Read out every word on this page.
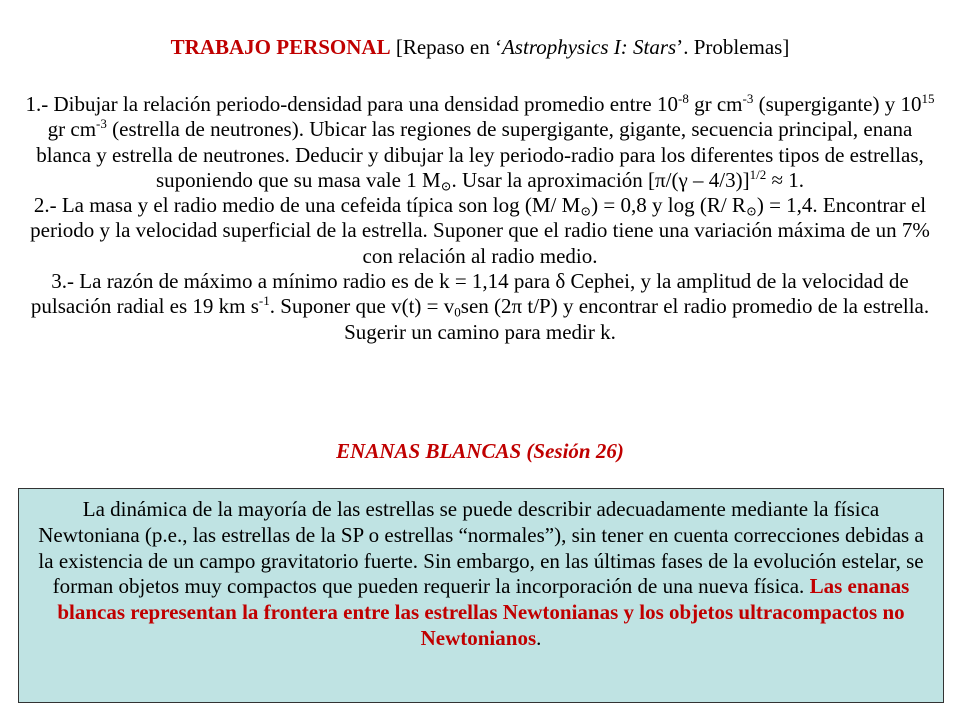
TRABAJO PERSONAL [Repaso en ‘Astrophysics I: Stars’. Problemas]

1.- Dibujar la relación periodo-densidad para una densidad promedio entre $10^{-8}$ gr $cm^{-3}$ (supergigante) y $10^{15}$ gr $cm^{-3}$ (estrella de neutrones). Ubicar las regiones de supergigante, gigante, secuencia principal, enana blanca y estrella de neutrones. Deducir y dibujar la ley periodo-radio para los diferentes tipos de estrellas, suponiendo que su masa vale 1 $M_⊙$. Usar la aproximación [π/(γ – 4/3)]$^{1/2}$ ≈ 1.

2.- La masa y el radio medio de una cefeida típica son log (M/ $M_⊙) = 0,8$ y log (R/ $R_⊙) = 1,4$. Encontrar el periodo y la velocidad superficial de la estrella. Suponer que el radio tiene una variación máxima de un 7% con relación al radio medio.

3.- La razón de máximo a mínimo radio es de k = 1,14 para δ Cephei, y la amplitud de la velocidad de pulsación radial es 19 km $s^{-1}$. Suponer que $v(t) = v_0sen$ (2π t/P) y encontrar el radio promedio de la estrella. Sugerir un camino para medir k.

ENANAS BLANCAS (Sesión 26)
La dinámica de la mayoría de las estrellas se puede describir adecuadamente mediante la física Newtoniana (p.e., las estrellas de la SP o estrellas “normales”), sin tener en cuenta correcciones debidas a la existencia de un campo gravitatorio fuerte. Sin embargo, en las últimas fases de la evolución estelar, se forman objetos muy compactos que pueden requerir la incorporación de una nueva física. Las enanas blancas representan la frontera entre las estrellas Newtonianas y los objetos ultracompactos no Newtonianos.
